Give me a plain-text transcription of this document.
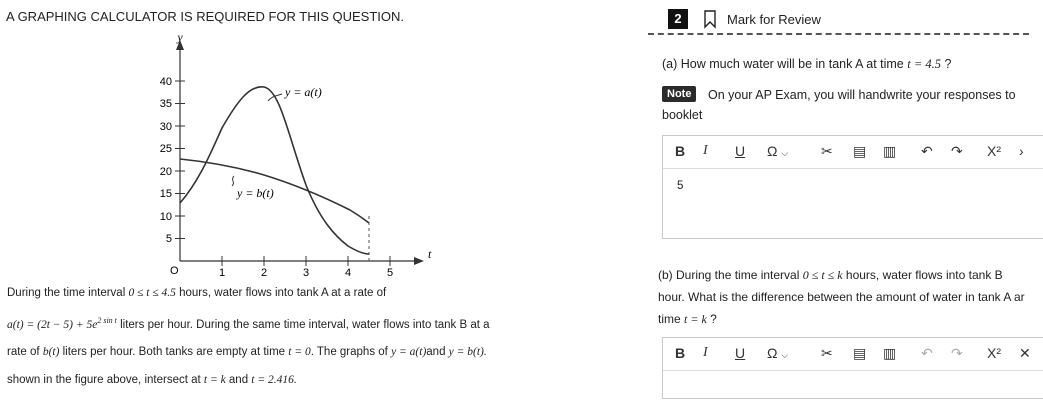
A GRAPHING CALCULATOR IS REQUIRED FOR THIS QUESTION.
y
t
5
10
15
20
25
30
35
40
O	1	2	3	4	5
y = a(t)
y = b(t)
During the time interval 0 ≤ t ≤ 4.5 hours, water flows into tank A at a rate of
$a(t) = (2t - 5) + 5e^{2 sin t}$ liters per hour. During the same time interval, water flows into tank B at a
rate of b(t) liters per hour. Both tanks are empty at time t = 0. The graphs of y = a(t)and y = b(t).
shown in the figure above, intersect at t = k and t = 2.416.
2	Mark for Review
(a) How much water will be in tank A at time t = 4.5 ?
Note	On your AP Exam, you will handwrite your responses to
booklet
B I U Ω ⌵ ✂ ▤ ▥ ↶ ↷ X² ›
5
(b) During the time interval 0 ≤ t ≤ k hours, water flows into tank B
hour. What is the difference between the amount of water in tank A ar
time t = k ?
B I U Ω ⌵ ✂ ▤ ▥ ↶ ↷ X² ✕
